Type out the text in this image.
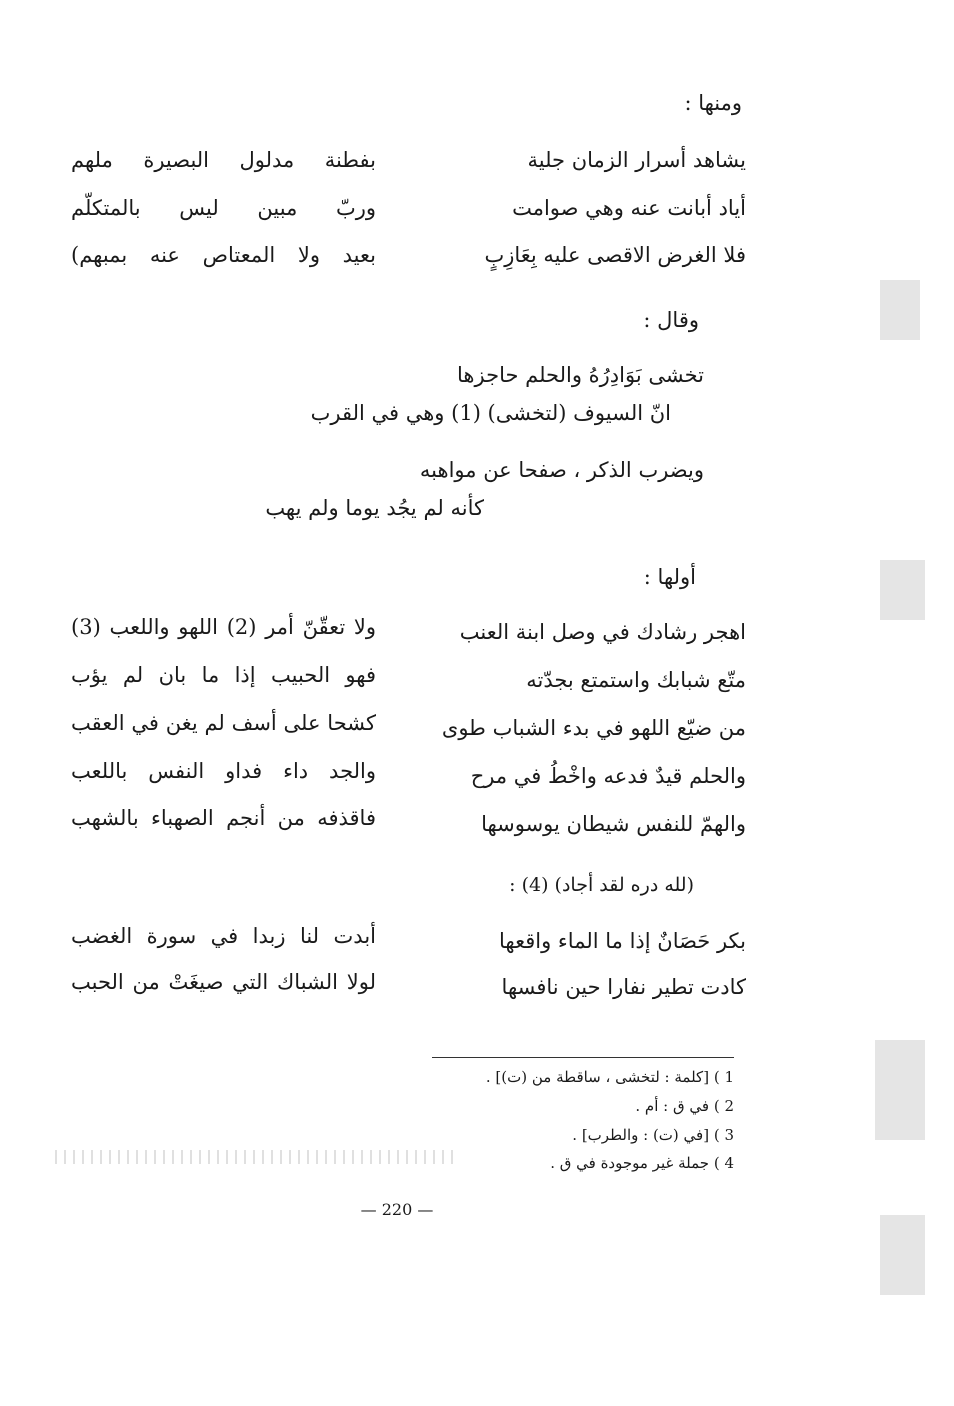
ومنها :
يشاهد أسرار الزمان جلية
بفطنة مدلول البصيرة ملهم
أياد أبانت عنه وهي صوامت
وربّ مبين ليس بالمتكلّم
فلا الغرض الاقصى عليه بِعَازِبٍ
بعيد ولا المعتاص عنه بمبهم)
وقال :
تخشى بَوَادِرُهُ والحلم حاجزها
انّ السيوف (لتخشى) (1) وهي في القرب
ويضرب الذكر ، صفحا عن مواهبه
كأنه لم يجُد يوما ولم يهب
أولها :
اهجر رشادك في وصل ابنة العنب
ولا تعقّنّ أمر (2) اللهو واللعب (3)
متّع شبابك واستمتع بجدّته
فهو الحبيب إذا ما بان لم يؤب
من ضيّع اللهو في بدء الشباب طوى
كشحا على أسف لم يغن في العقب
والحلم قيدٌ فدعه واخْطُ في مرح
والجد داء فداو النفس باللعب
والهمّ للنفس شيطان يوسوسها
فاقذفه من أنجم الصهباء بالشهب
(لله دره لقد أجاد) (4) :
بكر حَصَانٌ إذا ما الماء واقعها
أبدت لنا زبدا في سورة الغضب
كادت تطير نفارا حين نافسها
لولا الشباك التي صيغَتْ من الحبب
1 ) [كلمة : لتخشى ، ساقطة من (ت)] .
2 ) في ق : أم .
3 ) [في (ت) : والطرب] .
4 ) جملة غير موجودة في ق .
— 220 —
